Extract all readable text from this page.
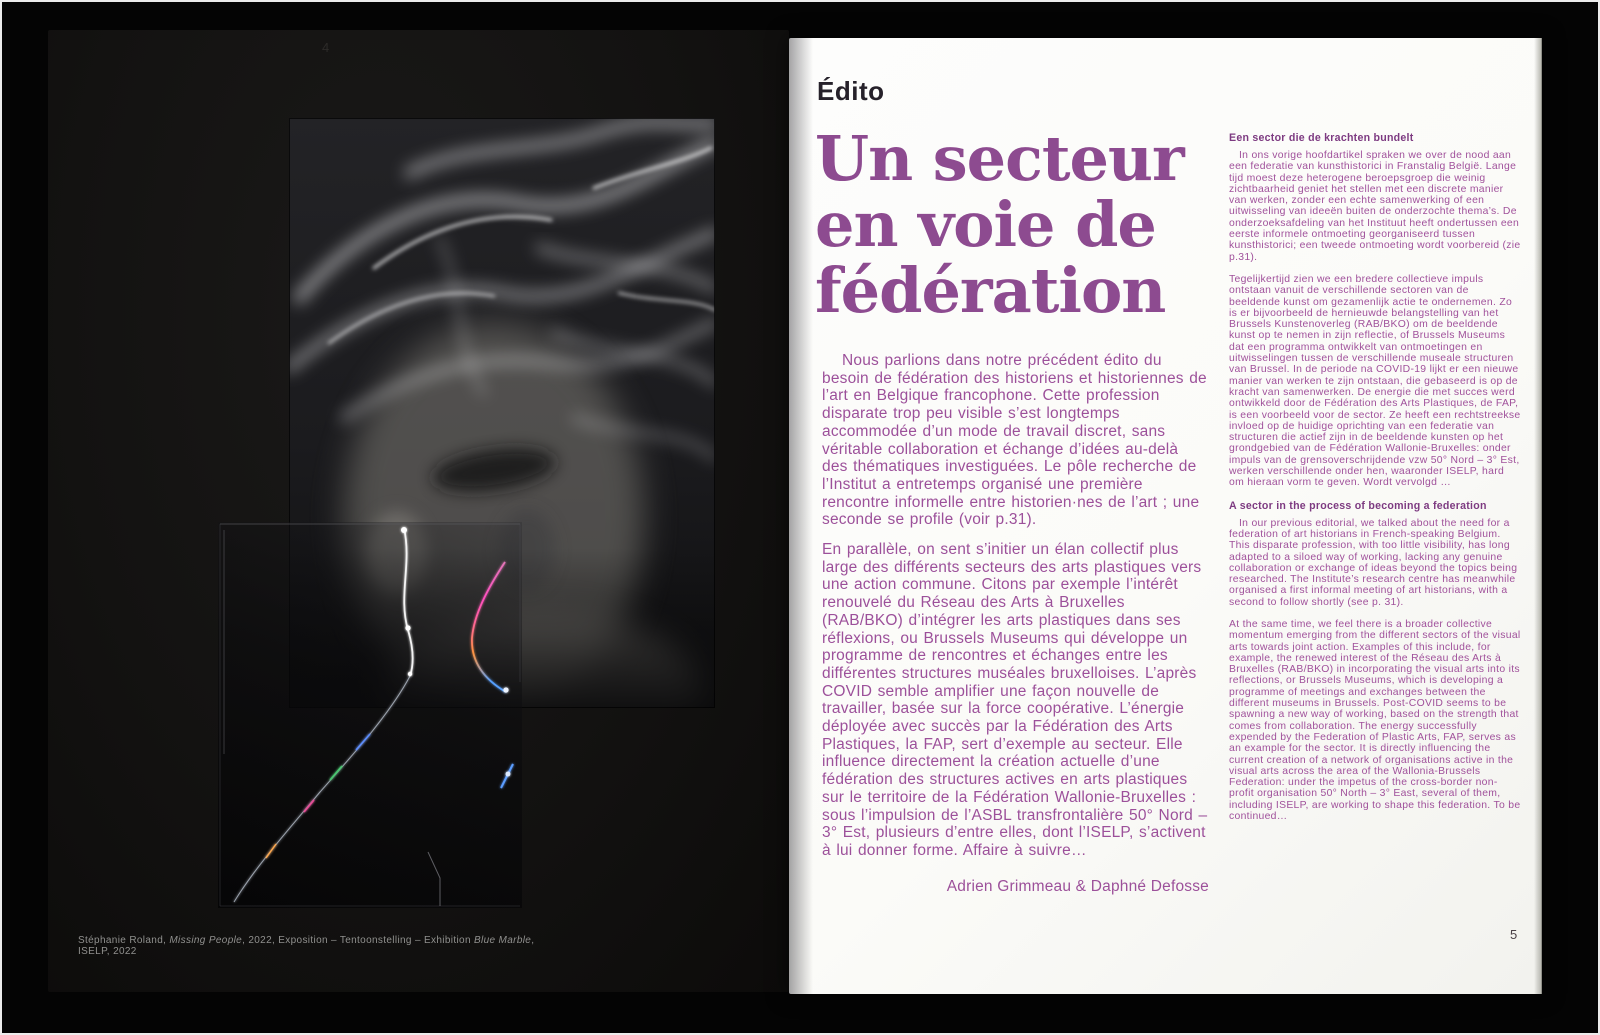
4

Stéphanie Roland, Missing People, 2022, Exposition – Tentoonstelling – Exhibition Blue Marble, ISELP, 2022

Édito
Un secteur
en voie de
fédération

Nous parlions dans notre précédent édito du besoin de fédération des historiens et historiennes de l’art en Belgique francophone. Cette profession disparate trop peu visible s’est longtemps accommodée d’un mode de travail discret, sans véritable collaboration et échange d’idées au-delà des thématiques investiguées. Le pôle recherche de l’Institut a entretemps organisé une première rencontre informelle entre historien·nes de l’art ; une seconde se profile (voir p.31).

En parallèle, on sent s’initier un élan collectif plus large des différents secteurs des arts plastiques vers une action commune. Citons par exemple l’intérêt renouvelé du Réseau des Arts à Bruxelles (RAB/BKO) d’intégrer les arts plastiques dans ses réflexions, ou Brussels Museums qui développe un programme de rencontres et échanges entre les différentes structures muséales bruxelloises. L’après COVID semble amplifier une façon nouvelle de travailler, basée sur la force coopérative. L’énergie déployée avec succès par la Fédération des Arts Plastiques, la FAP, sert d’exemple au secteur. Elle influence directement la création actuelle d’une fédération des structures actives en arts plastiques sur le territoire de la Fédération Wallonie-Bruxelles : sous l’impulsion de l’ASBL transfrontalière 50° Nord – 3° Est, plusieurs d’entre elles, dont l’ISELP, s’activent à lui donner forme. Affaire à suivre…

Adrien Grimmeau & Daphné Defosse

Een sector die de krachten bundelt

In ons vorige hoofdartikel spraken we over de nood aan een federatie van kunsthistorici in Franstalig België. Lange tijd moest deze heterogene beroepsgroep die weinig zichtbaarheid geniet het stellen met een discrete manier van werken, zonder een echte samenwerking of een uitwisseling van ideeën buiten de onderzochte thema’s. De onderzoeksafdeling van het Instituut heeft ondertussen een eerste informele ontmoeting georganiseerd tussen kunsthistorici; een tweede ontmoeting wordt voorbereid (zie p.31).

Tegelijkertijd zien we een bredere collectieve impuls ontstaan vanuit de verschillende sectoren van de beeldende kunst om gezamenlijk actie te ondernemen. Zo is er bijvoorbeeld de hernieuwde belangstelling van het Brussels Kunstenoverleg (RAB/BKO) om de beeldende kunst op te nemen in zijn reflectie, of Brussels Museums dat een programma ontwikkelt van ontmoetingen en uitwisselingen tussen de verschillende museale structuren van Brussel. In de periode na COVID-19 lijkt er een nieuwe manier van werken te zijn ontstaan, die gebaseerd is op de kracht van samenwerken. De energie die met succes werd ontwikkeld door de Fédération des Arts Plastiques, de FAP, is een voorbeeld voor de sector. Ze heeft een rechtstreekse invloed op de huidige oprichting van een federatie van structuren die actief zijn in de beeldende kunsten op het grondgebied van de Fédération Wallonie-Bruxelles: onder impuls van de grensoverschrijdende vzw 50° Nord – 3° Est, werken verschillende onder hen, waaronder ISELP, hard om hieraan vorm te geven. Wordt vervolgd …

A sector in the process of becoming a federation

In our previous editorial, we talked about the need for a federation of art historians in French-speaking Belgium. This disparate profession, with too little visibility, has long adapted to a siloed way of working, lacking any genuine collaboration or exchange of ideas beyond the topics being researched. The Institute’s research centre has meanwhile organised a first informal meeting of art historians, with a second to follow shortly (see p. 31).

At the same time, we feel there is a broader collective momentum emerging from the different sectors of the visual arts towards joint action. Examples of this include, for example, the renewed interest of the Réseau des Arts à Bruxelles (RAB/BKO) in incorporating the visual arts into its reflections, or Brussels Museums, which is developing a programme of meetings and exchanges between the different museums in Brussels. Post-COVID seems to be spawning a new way of working, based on the strength that comes from collaboration. The energy successfully expended by the Federation of Plastic Arts, FAP, serves as an example for the sector. It is directly influencing the current creation of a network of organisations active in the visual arts across the area of the Wallonia-Brussels Federation: under the impetus of the cross-border non-profit organisation 50° North – 3° East, several of them, including ISELP, are working to shape this federation. To be continued…

5
